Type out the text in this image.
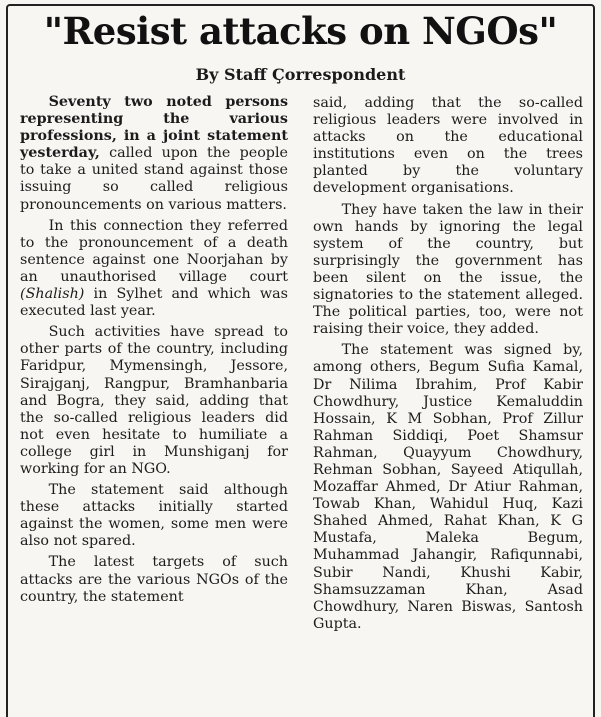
"Resist attacks on NGOs"
By Staff Çorrespondent

Seventy two noted persons representing the various professions, in a joint statement yesterday, called upon the people to take a united stand against those issuing so called religious pronouncements on various matters.

In this connection they referred to the pronouncement of a death sentence against one Noorjahan by an unauthorised village court (Shalish) in Sylhet and which was executed last year.

Such activities have spread to other parts of the country, including Faridpur, Mymensingh, Jessore, Sirajganj, Rangpur, Bramhanbaria and Bogra, they said, adding that the so-called religious leaders did not even hesitate to humiliate a college girl in Munshiganj for working for an NGO.

The statement said although these attacks initially started against the women, some men were also not spared.

The latest targets of such attacks are the various NGOs of the country, the statement

said, adding that the so-called religious leaders were involved in attacks on the educational institutions even on the trees planted by the voluntary development organisations.

They have taken the law in their own hands by ignoring the legal system of the country, but surprisingly the government has been silent on the issue, the signatories to the statement alleged. The political parties, too, were not raising their voice, they added.

The statement was signed by, among others, Begum Sufia Kamal, Dr Nilima Ibrahim, Prof Kabir Chowdhury, Justice Kemaluddin Hossain, K M Sobhan, Prof Zillur Rahman Siddiqi, Poet Shamsur Rahman, Quayyum Chowdhury, Rehman Sobhan, Sayeed Atiqullah, Mozaffar Ahmed, Dr Atiur Rahman, Towab Khan, Wahidul Huq, Kazi Shahed Ahmed, Rahat Khan, K G Mustafa, Maleka Begum, Muhammad Jahangir, Rafiqunnabi, Subir Nandi, Khushi Kabir, Shamsuzzaman Khan, Asad Chowdhury, Naren Biswas, Santosh Gupta.
